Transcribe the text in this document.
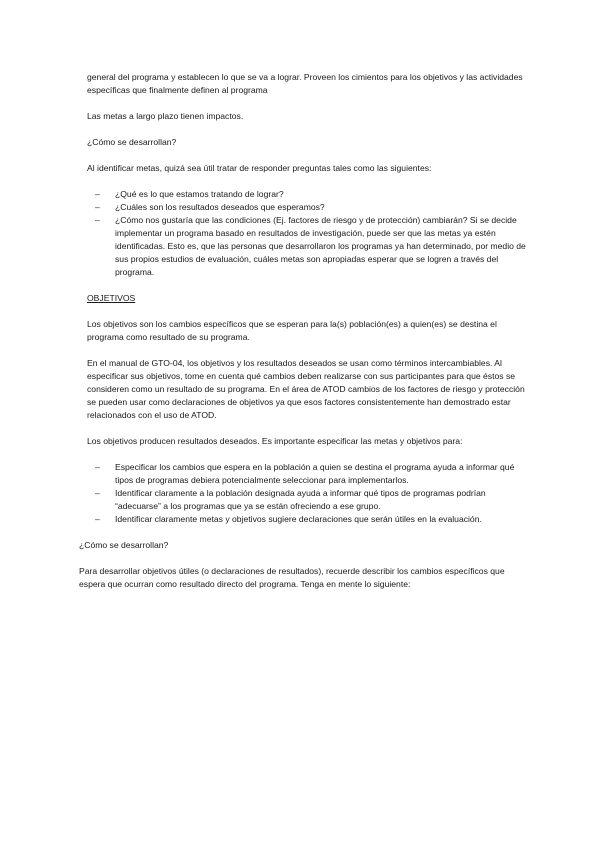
general del programa y establecen lo que se va a lograr. Proveen los cimientos para los objetivos y las actividades específicas que finalmente definen al programa

Las metas a largo plazo tienen impactos.

¿Cómo se desarrollan?

Al identificar metas, quizá sea útil tratar de responder preguntas tales como las siguientes:

– ¿Qué es lo que estamos tratando de lograr?
– ¿Cuáles son los resultados deseados que esperamos?
– ¿Cómo nos gustaría que las condiciones (Ej. factores de riesgo y de protección) cambiarán? Si se decide implementar un programa basado en resultados de investigación, puede ser que las metas ya estén identificadas. Esto es, que las personas que desarrollaron los programas ya han determinado, por medio de sus propios estudios de evaluación, cuáles metas son apropiadas esperar que se logren a través del programa.

OBJETIVOS

Los objetivos son los cambios específicos que se esperan para la(s) población(es) a quien(es) se destina el programa como resultado de su programa.

En el manual de GTO-04, los objetivos y los resultados deseados se usan como términos intercambiables. Al especificar sus objetivos, tome en cuenta qué cambios deben realizarse con sus participantes para que éstos se consideren como un resultado de su programa. En el área de ATOD cambios de los factores de riesgo y protección se pueden usar como declaraciones de objetivos ya que esos factores consistentemente han demostrado estar relacionados con el uso de ATOD.

Los objetivos producen resultados deseados. Es importante especificar las metas y objetivos para:

– Especificar los cambios que espera en la población a quien se destina el programa ayuda a informar qué tipos de programas debiera potencialmente seleccionar para implementarlos.
– Identificar claramente a la población designada ayuda a informar qué tipos de programas podrían “adecuarse” a los programas que ya se están ofreciendo a ese grupo.
– Identificar claramente metas y objetivos sugiere declaraciones que serán útiles en la evaluación.

¿Cómo se desarrollan?

Para desarrollar objetivos útiles (o declaraciones de resultados), recuerde describir los cambios específicos que espera que ocurran como resultado directo del programa. Tenga en mente lo siguiente:
